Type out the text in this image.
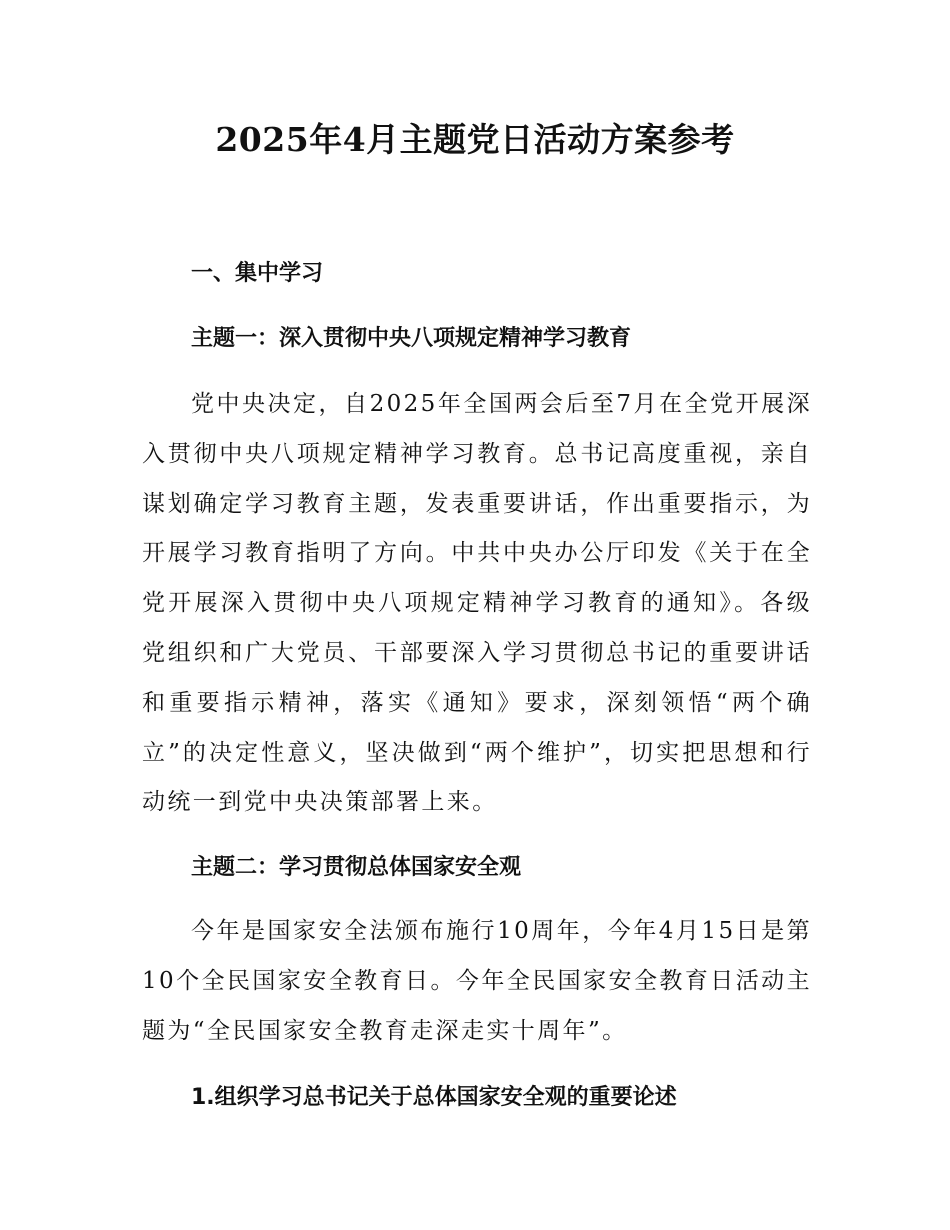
2025年4月主题党日活动方案参考
一、集中学习
主题一：深入贯彻中央八项规定精神学习教育

党中央决定，自2025年全国两会后至7月在全党开展深入贯彻中央八项规定精神学习教育。总书记高度重视，亲自谋划确定学习教育主题，发表重要讲话，作出重要指示，为开展学习教育指明了方向。中共中央办公厅印发《关于在全党开展深入贯彻中央八项规定精神学习教育的通知》。各级党组织和广大党员、干部要深入学习贯彻总书记的重要讲话和重要指示精神，落实《通知》要求，深刻领悟“两个确立”的决定性意义，坚决做到“两个维护”，切实把思想和行动统一到党中央决策部署上来。

主题二：学习贯彻总体国家安全观

今年是国家安全法颁布施行10周年，今年4月15日是第10个全民国家安全教育日。今年全民国家安全教育日活动主题为“全民国家安全教育走深走实十周年”。

1.组织学习总书记关于总体国家安全观的重要论述
